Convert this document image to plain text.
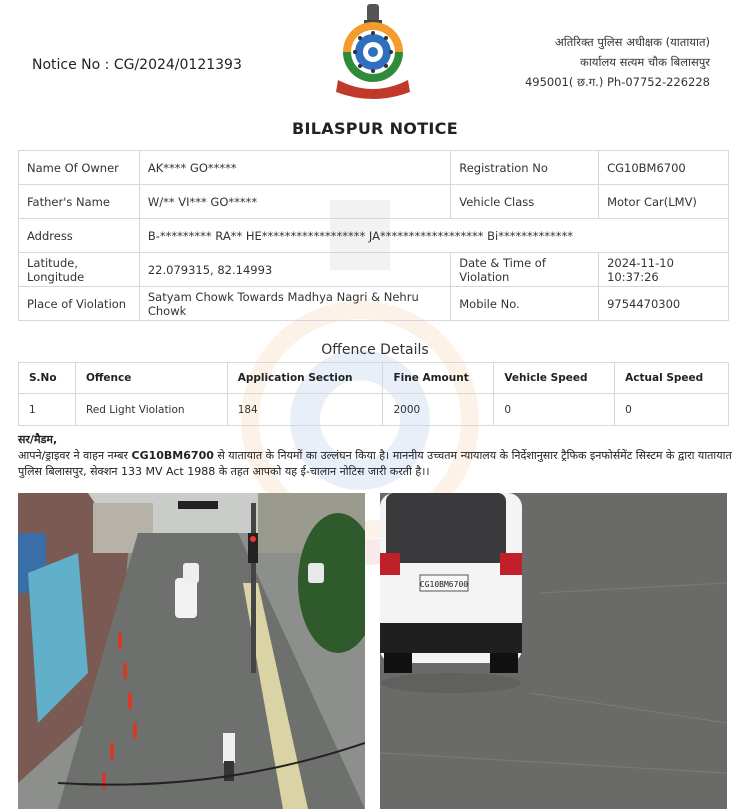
Notice No : CG/2024/0121393
अतिरिक्त पुलिस अधीक्षक (यातायात)
कार्यालय सत्यम चौक बिलासपुर
495001( छ.ग.) Ph-07752-226228
BILASPUR NOTICE
Name Of Owner	AK**** GO*****	Registration No	CG10BM6700
Father's Name	W/** VI*** GO*****	Vehicle Class	Motor Car(LMV)
Address	B-********* RA** HE****************** JA****************** Bi*************		
Latitude, Longitude	22.079315, 82.14993	Date & Time of Violation	2024-11-10 10:37:26
Place of Violation	Satyam Chowk Towards Madhya Nagri & Nehru Chowk	Mobile No.	9754470300
Offence Details
S.No	Offence	Application Section	Fine Amount	Vehicle Speed	Actual Speed
1	Red Light Violation	184	2000	0	0
सर/मैडम,
आपने/ड्राइवर ने वाहन नम्बर CG10BM6700 से यातायात के नियमों का उल्लंघन किया है। माननीय उच्चतम न्यायालय के निर्देशानुसार ट्रैफिक इनफोर्समेंट सिस्टम के द्वारा यातायात पुलिस बिलासपुर, सेक्शन 133 MV Act 1988 के तहत आपको यह ई-चालान नोटिस जारी करती है।।
CG10BM6700
